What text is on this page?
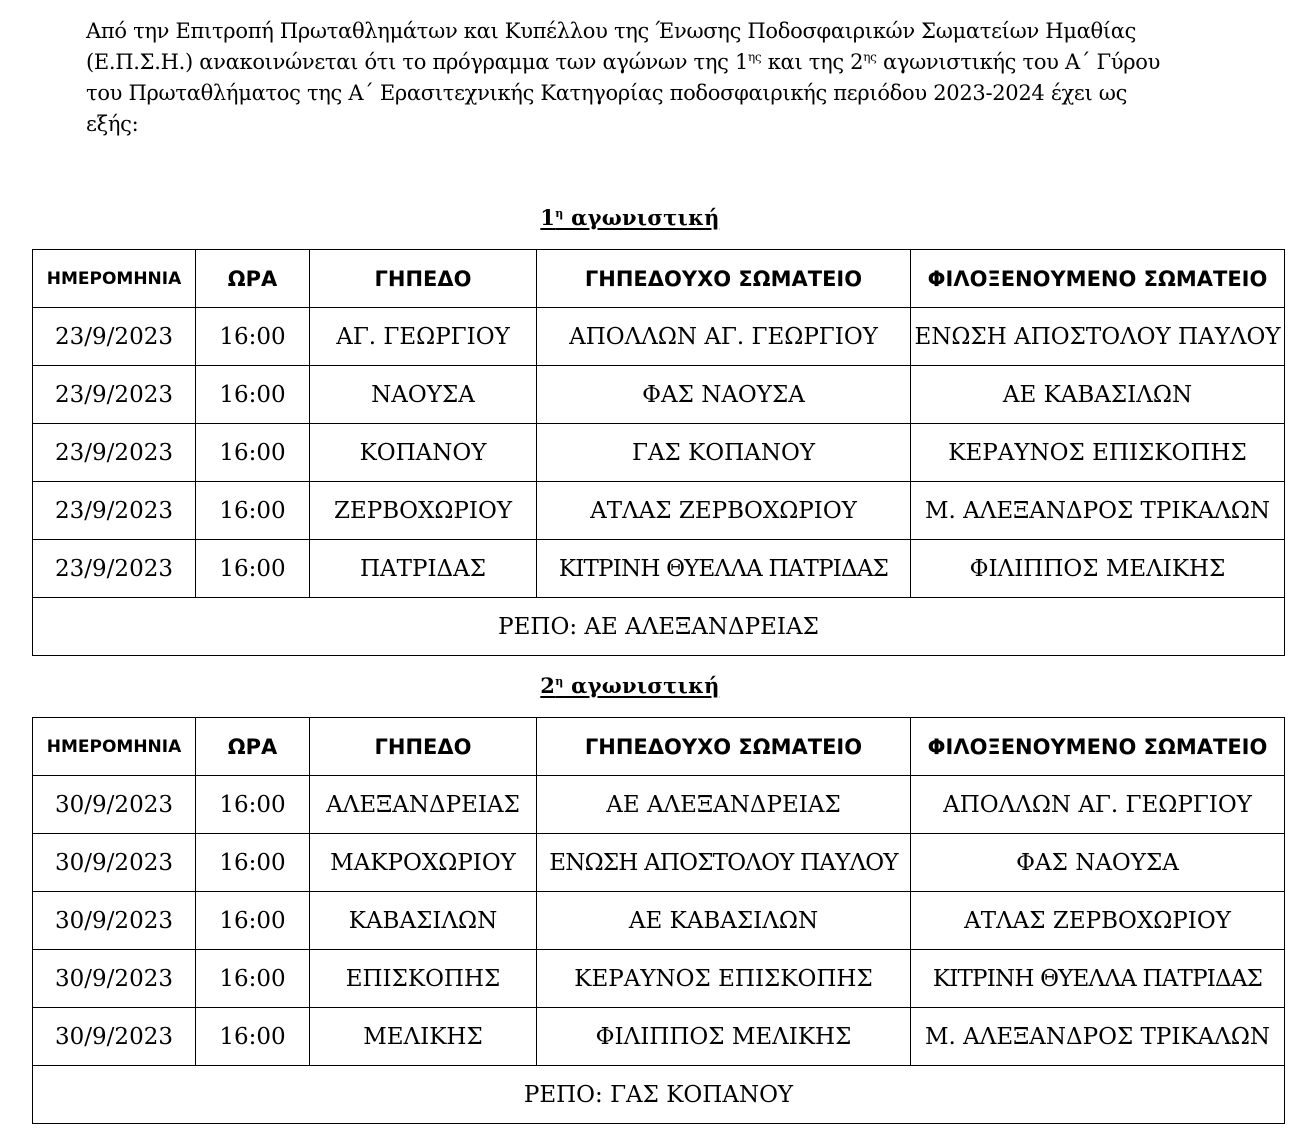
Από την Επιτροπή Πρωταθλημάτων και Κυπέλλου της Ένωσης Ποδοσφαιρικών Σωματείων Ημαθίας
(Ε.Π.Σ.Η.) ανακοινώνεται ότι το πρόγραμμα των αγώνων της $1^{\eta\varsigma}$ και της $2^{\eta\varsigma}$ αγωνιστικής του Α΄ Γύρου
του Πρωταθλήματος της Α΄ Ερασιτεχνικής Κατηγορίας ποδοσφαιρικής περιόδου 2023-2024 έχει ως
εξής:

$1^\eta$ αγωνιστική
ΗΜΕΡΟΜΗΝΙΑ	ΩΡΑ	ΓΗΠΕΔΟ	ΓΗΠΕΔΟΥΧΟ ΣΩΜΑΤΕΙΟ	ΦΙΛΟΞΕΝΟΥΜΕΝΟ ΣΩΜΑΤΕΙΟ
23/9/2023	16:00	ΑΓ. ΓΕΩΡΓΙΟΥ	ΑΠΟΛΛΩΝ ΑΓ. ΓΕΩΡΓΙΟΥ	ΕΝΩΣΗ ΑΠΟΣΤΟΛΟΥ ΠΑΥΛΟΥ
23/9/2023	16:00	ΝΑΟΥΣΑ	ΦΑΣ ΝΑΟΥΣΑ	ΑΕ ΚΑΒΑΣΙΛΩΝ
23/9/2023	16:00	ΚΟΠΑΝΟΥ	ΓΑΣ ΚΟΠΑΝΟΥ	ΚΕΡΑΥΝΟΣ ΕΠΙΣΚΟΠΗΣ
23/9/2023	16:00	ΖΕΡΒΟΧΩΡΙΟΥ	ΑΤΛΑΣ ΖΕΡΒΟΧΩΡΙΟΥ	Μ. ΑΛΕΞΑΝΔΡΟΣ ΤΡΙΚΑΛΩΝ
23/9/2023	16:00	ΠΑΤΡΙΔΑΣ	ΚΙΤΡΙΝΗ ΘΥΕΛΛΑ ΠΑΤΡΙΔΑΣ	ΦΙΛΙΠΠΟΣ ΜΕΛΙΚΗΣ
ΡΕΠΟ: ΑΕ ΑΛΕΞΑΝΔΡΕΙΑΣ				
$2^\eta$ αγωνιστική
ΗΜΕΡΟΜΗΝΙΑ	ΩΡΑ	ΓΗΠΕΔΟ	ΓΗΠΕΔΟΥΧΟ ΣΩΜΑΤΕΙΟ	ΦΙΛΟΞΕΝΟΥΜΕΝΟ ΣΩΜΑΤΕΙΟ
30/9/2023	16:00	ΑΛΕΞΑΝΔΡΕΙΑΣ	ΑΕ ΑΛΕΞΑΝΔΡΕΙΑΣ	ΑΠΟΛΛΩΝ ΑΓ. ΓΕΩΡΓΙΟΥ
30/9/2023	16:00	ΜΑΚΡΟΧΩΡΙΟΥ	ΕΝΩΣΗ ΑΠΟΣΤΟΛΟΥ ΠΑΥΛΟΥ	ΦΑΣ ΝΑΟΥΣΑ
30/9/2023	16:00	ΚΑΒΑΣΙΛΩΝ	ΑΕ ΚΑΒΑΣΙΛΩΝ	ΑΤΛΑΣ ΖΕΡΒΟΧΩΡΙΟΥ
30/9/2023	16:00	ΕΠΙΣΚΟΠΗΣ	ΚΕΡΑΥΝΟΣ ΕΠΙΣΚΟΠΗΣ	ΚΙΤΡΙΝΗ ΘΥΕΛΛΑ ΠΑΤΡΙΔΑΣ
30/9/2023	16:00	ΜΕΛΙΚΗΣ	ΦΙΛΙΠΠΟΣ ΜΕΛΙΚΗΣ	Μ. ΑΛΕΞΑΝΔΡΟΣ ΤΡΙΚΑΛΩΝ
ΡΕΠΟ: ΓΑΣ ΚΟΠΑΝΟΥ				
